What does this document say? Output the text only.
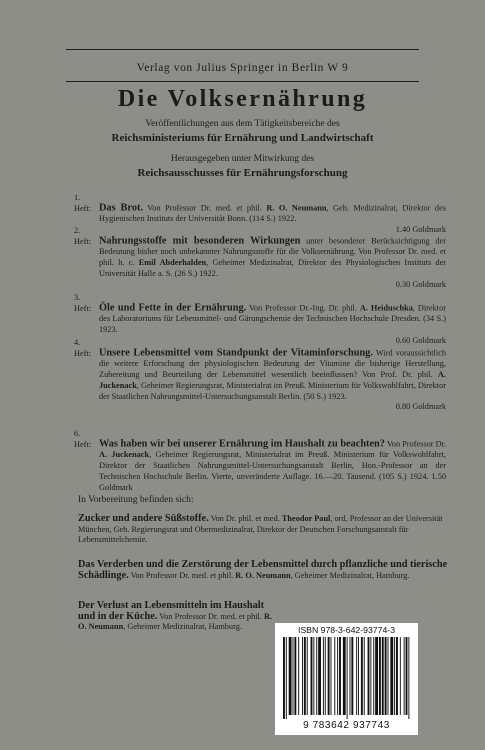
Verlag von Julius Springer in Berlin W 9
Die Volksernährung
Veröffentlichungen aus dem Tätigkeitsbereiche des
Reichsministeriums für Ernährung und Landwirtschaft
Herausgegeben unter Mitwirkung des
Reichsausschusses für Ernährungsforschung
1. Heft: Das Brot. Von Professor Dr. med. et phil. R. O. Neumann, Geh. Medizinalrat, Direktor des Hygienischen Instituts der Universität Bonn. (114 S.) 1922.
1.40 Goldmark
2. Heft: Nahrungsstoffe mit besonderen Wirkungen unter besonderer Berücksichtigung der Bedeutung bisher noch unbekannter Nahrungsstoffe für die Volksernährung. Von Professor Dr. med. et phil. h. c. Emil Abderhalden, Geheimer Medizinalrat, Direktor des Physiologischen Instituts der Universität Halle a. S. (26 S.) 1922.
0.30 Goldmark
3. Heft: Öle und Fette in der Ernährung. Von Professor Dr.-Ing. Dr. phil. A. Heiduschka, Direktor des Laboratoriums für Lebensmittel- und Gärungschemie der Technischen Hochschule Dresden. (34 S.) 1923.
0.60 Goldmark
4. Heft: Unsere Lebensmittel vom Standpunkt der Vitaminforschung. Wird voraussichtlich die weitere Erforschung der physiologischen Bedeutung der Vitamine die bisherige Herstellung, Zubereitung und Beurteilung der Lebensmittel wesentlich beeinflussen? Von Prof. Dr. phil. A. Juckenack, Geheimer Regierungsrat, Ministerialrat im Preuß. Ministerium für Volkswohlfahrt, Direktor der Staatlichen Nahrungsmittel-Untersuchungsanstalt Berlin. (50 S.) 1923.
0.80 Goldmark
6. Heft: Was haben wir bei unserer Ernährung im Haushalt zu beachten? Von Professor Dr. A. Juckenack, Geheimer Regierungsrat, Ministerialrat im Preuß. Ministerium für Volkswohlfahrt, Direktor der Staatlichen Nahrungsmittel-Untersuchungsanstalt Berlin, Hon.-Professor an der Technischen Hochschule Berlin. Vierte, unveränderte Auflage. 16.—20. Tausend. (105 S.) 1924. 1.50 Goldmark
In Vorbereitung befinden sich:
Zucker und andere Süßstoffe. Von Dr. phil. et med. Theodor Paul, ord. Professor an der Universität München, Geh. Regierungsrat und Obermedizinalrat, Direktor der Deutschen Forschungsanstalt für Lebensmittelchemie.
Das Verderben und die Zerstörung der Lebensmittel durch pflanzliche und tierische Schädlinge. Von Professor Dr. med. et phil. R. O. Neumann, Geheimer Medizinalrat, Hamburg.
Der Verlust an Lebensmitteln im Haushalt und in der Küche. Von Professor Dr. med. et phil. R. O. Neumann, Geheimer Medizinalrat, Hamburg.	ISBN 978-3-642-93774-3
9 783642 937743
